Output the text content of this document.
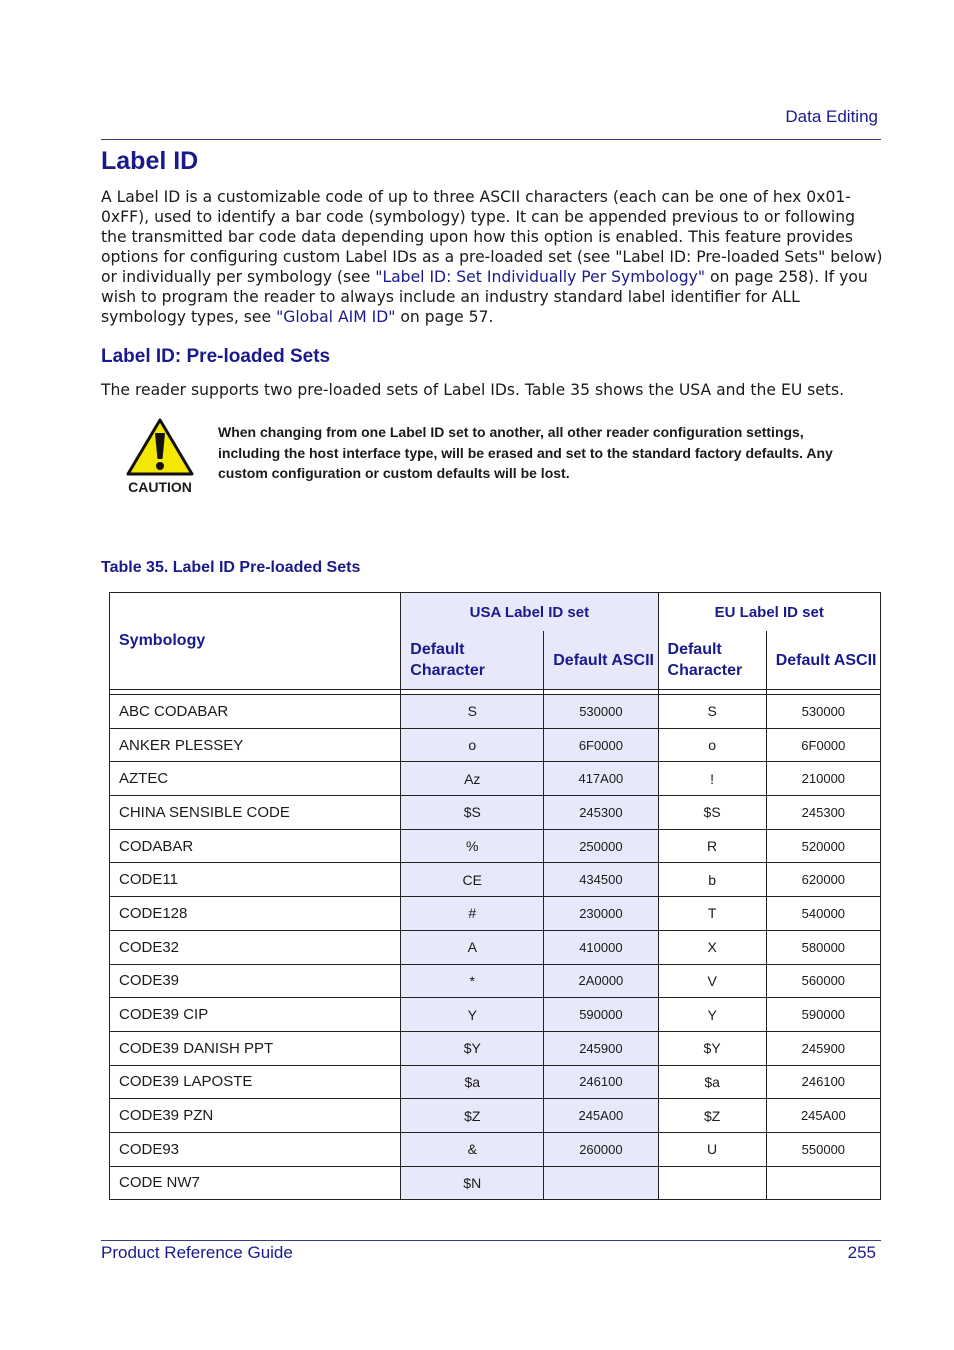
Data Editing
Label ID

A Label ID is a customizable code of up to three ASCII characters (each can be one of hex 0x01-0xFF), used to identify a bar code (symbology) type. It can be appended previous to or following the transmitted bar code data depending upon how this option is enabled. This feature provides options for configuring custom Label IDs as a pre-loaded set (see "Label ID: Pre-loaded Sets" below) or individually per symbology (see "Label ID: Set Individually Per Symbology" on page 258). If you wish to program the reader to always include an industry standard label identifier for ALL symbology types, see "Global AIM ID" on page 57.

Label ID: Pre-loaded Sets

The reader supports two pre-loaded sets of Label IDs. Table 35 shows the USA and the EU sets.

CAUTION

When changing from one Label ID set to another, all other reader configuration settings, including the host interface type, will be erased and set to the standard factory defaults. Any custom configuration or custom defaults will be lost.

Table 35. Label ID Pre-loaded Sets
Symbology	USA Label ID set		EU Label ID set	
	Default Character	Default ASCII	Default Character	Default ASCII

ABC CODABAR	S	530000	S	530000
ANKER PLESSEY	o	6F0000	o	6F0000
AZTEC	Az	417A00	!	210000
CHINA SENSIBLE CODE	$S	245300	$S	245300
CODABAR	%	250000	R	520000
CODE11	CE	434500	b	620000
CODE128	#	230000	T	540000
CODE32	A	410000	X	580000
CODE39	*	2A0000	V	560000
CODE39 CIP	Y	590000	Y	590000
CODE39 DANISH PPT	$Y	245900	$Y	245900
CODE39 LAPOSTE	$a	246100	$a	246100
CODE39 PZN	$Z	245A00	$Z	245A00
CODE93	&	260000	U	550000
CODE NW7	$N			
Product Reference Guide	255
